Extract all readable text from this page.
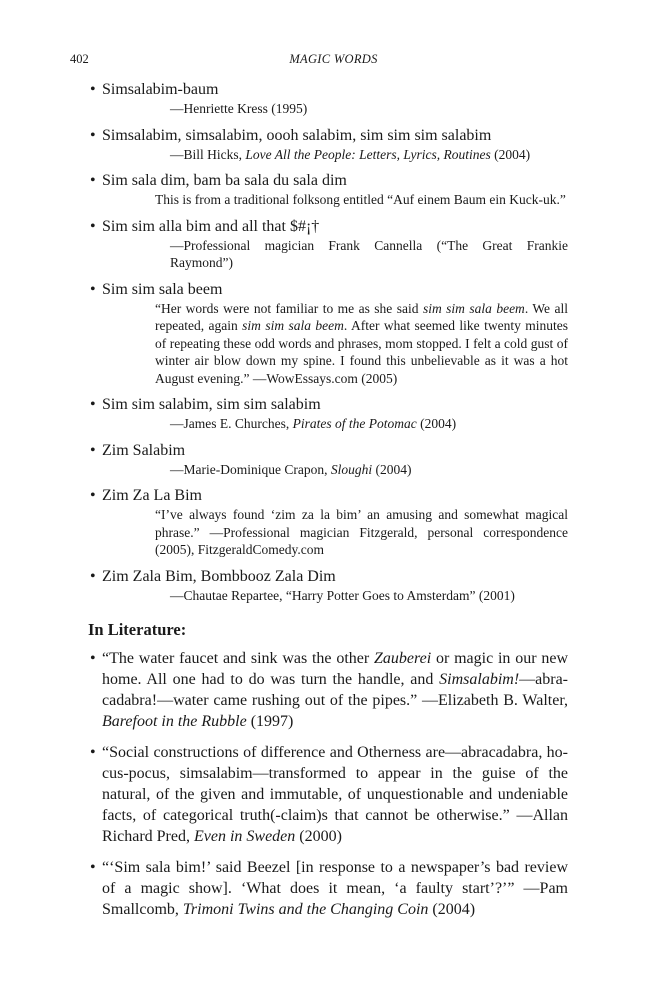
402	MAGIC WORDS
• Simsalabim-baum
—Henriette Kress (1995)
• Simsalabim, simsalabim, oooh salabim, sim sim sim salabim
—Bill Hicks, Love All the People: Letters, Lyrics, Routines (2004)
• Sim sala dim, bam ba sala du sala dim
This is from a traditional folksong entitled “Auf einem Baum ein Kuck-uk.”
• Sim sim alla bim and all that $#¡†
—Professional magician Frank Cannella (“The Great Frankie Raymond”)
• Sim sim sala beem
“Her words were not familiar to me as she said sim sim sala beem. We all repeated, again sim sim sala beem. After what seemed like twenty minutes of repeating these odd words and phrases, mom stopped. I felt a cold gust of winter air blow down my spine. I found this unbelievable as it was a hot August evening.” —WowEssays.com (2005)
• Sim sim salabim, sim sim salabim
—James E. Churches, Pirates of the Potomac (2004)
• Zim Salabim
—Marie-Dominique Crapon, Sloughi (2004)
• Zim Za La Bim
“I’ve always found ‘zim za la bim’ an amusing and somewhat magical phrase.” —Professional magician Fitzgerald, personal correspondence (2005), FitzgeraldComedy.com
• Zim Zala Bim, Bombbooz Zala Dim
—Chautae Repartee, “Harry Potter Goes to Amsterdam” (2001)
In Literature:
• “The water faucet and sink was the other Zauberei or magic in our new home. All one had to do was turn the handle, and Simsalabim!—abra-cadabra!—water came rushing out of the pipes.” —Elizabeth B. Walter, Barefoot in the Rubble (1997)
• “Social constructions of difference and Otherness are—abracadabra, ho-cus-pocus, simsalabim—transformed to appear in the guise of the natural, of the given and immutable, of unquestionable and undeniable facts, of categorical truth(-claim)s that cannot be otherwise.” —Allan Richard Pred, Even in Sweden (2000)
• “‘Sim sala bim!’ said Beezel [in response to a newspaper’s bad review of a magic show]. ‘What does it mean, ‘a faulty start’?’” —Pam Smallcomb, Trimoni Twins and the Changing Coin (2004)
